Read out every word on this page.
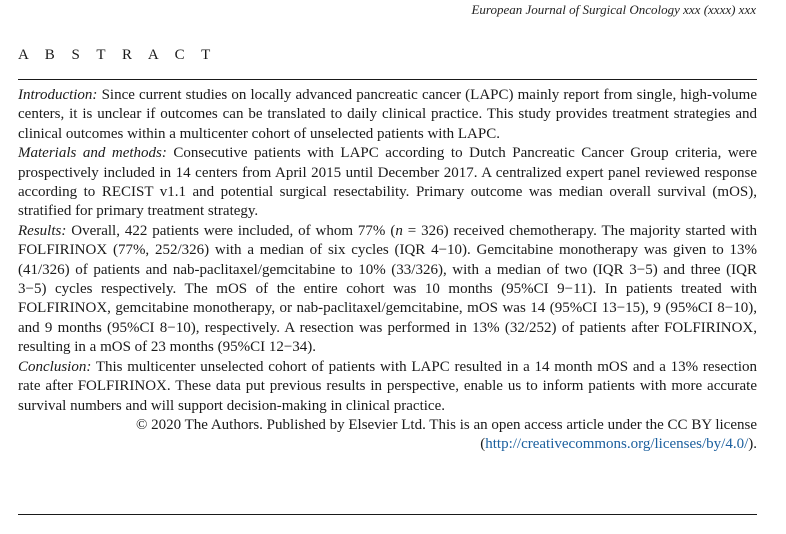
European Journal of Surgical Oncology xxx (xxxx) xxx
A B S T R A C T

Introduction: Since current studies on locally advanced pancreatic cancer (LAPC) mainly report from single, high-volume centers, it is unclear if outcomes can be translated to daily clinical practice. This study provides treatment strategies and clinical outcomes within a multicenter cohort of unselected patients with LAPC.

Materials and methods: Consecutive patients with LAPC according to Dutch Pancreatic Cancer Group criteria, were prospectively included in 14 centers from April 2015 until December 2017. A centralized expert panel reviewed response according to RECIST v1.1 and potential surgical resectability. Primary outcome was median overall survival (mOS), stratified for primary treatment strategy.

Results: Overall, 422 patients were included, of whom 77% (n = 326) received chemotherapy. The majority started with FOLFIRINOX (77%, 252/326) with a median of six cycles (IQR 4−10). Gemcitabine monotherapy was given to 13% (41/326) of patients and nab-paclitaxel/gemcitabine to 10% (33/326), with a median of two (IQR 3−5) and three (IQR 3−5) cycles respectively. The mOS of the entire cohort was 10 months (95%CI 9−11). In patients treated with FOLFIRINOX, gemcitabine monotherapy, or nab-paclitaxel/gemcitabine, mOS was 14 (95%CI 13−15), 9 (95%CI 8−10), and 9 months (95%CI 8−10), respectively. A resection was performed in 13% (32/252) of patients after FOLFIRINOX, resulting in a mOS of 23 months (95%CI 12−34).

Conclusion: This multicenter unselected cohort of patients with LAPC resulted in a 14 month mOS and a 13% resection rate after FOLFIRINOX. These data put previous results in perspective, enable us to inform patients with more accurate survival numbers and will support decision-making in clinical practice.

© 2020 The Authors. Published by Elsevier Ltd. This is an open access article under the CC BY license
(http://creativecommons.org/licenses/by/4.0/).
